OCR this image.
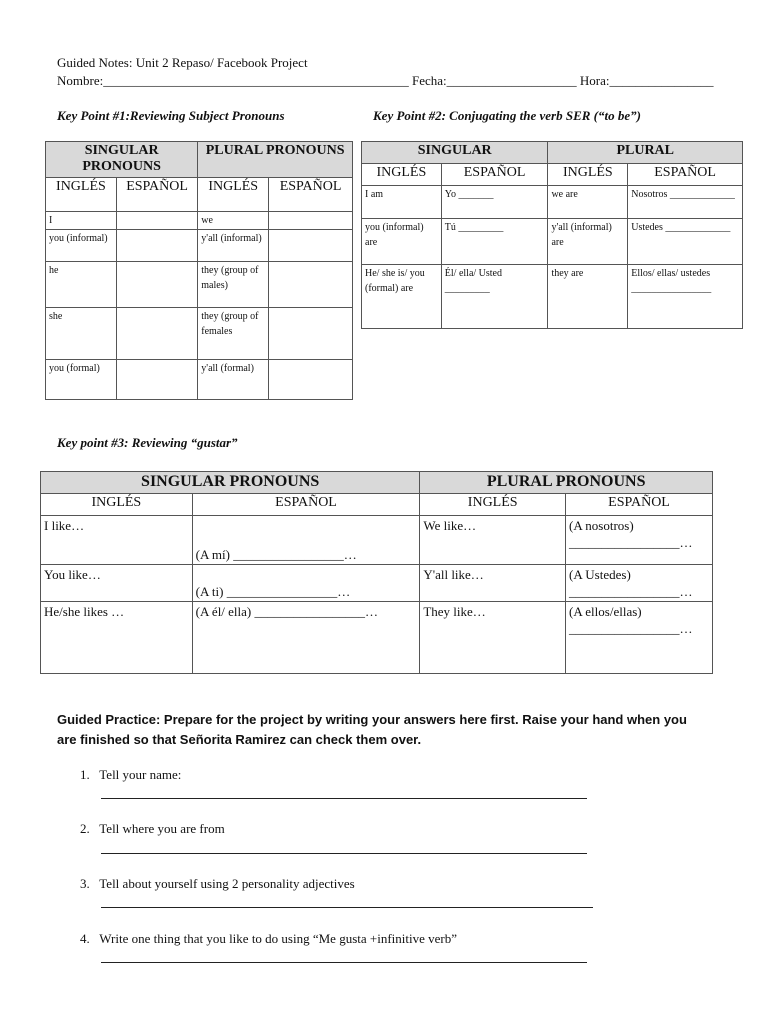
Guided Notes: Unit 2 Repaso/ Facebook Project
Nombre:_______________________________________________ Fecha:____________________ Hora:________________
Key Point #1:Reviewing Subject Pronouns	Key Point #2: Conjugating the verb SER (“to be”)
SINGULAR PRONOUNS		PLURAL PRONOUNS	
INGLÉS	ESPAÑOL	INGLÉS	ESPAÑOL
I		we	
you (informal)		y'all (informal)	
he		they (group of males)	
she		they (group of females	
you (formal)		y'all (formal)	
SINGULAR		PLURAL	
INGLÉS	ESPAÑOL	INGLÉS	ESPAÑOL
I am	Yo _______	we are	Nosotros _____________
you (informal) are	Tú _________	y'all (informal) are	Ustedes _____________
He/ she is/ you (formal) are	Él/ ella/ Usted _________	they are	Ellos/ ellas/ ustedes ________________
Key point #3: Reviewing “gustar”
SINGULAR PRONOUNS		PLURAL PRONOUNS	
INGLÉS	ESPAÑOL	INGLÉS	ESPAÑOL
I like…	(A mí) _________________…	We like…	(A nosotros) _________________…
You like…	(A ti) _________________…	Y'all like…	(A Ustedes) _________________…
He/she likes …	(A él/ ella) _________________…	They like…	(A ellos/ellas) _________________…
Guided Practice: Prepare for the project by writing your answers here first. Raise your hand when you are finished so that Señorita Ramirez can check them over.
1. Tell your name:
2. Tell where you are from
3. Tell about yourself using 2 personality adjectives
4. Write one thing that you like to do using “Me gusta +infinitive verb”
